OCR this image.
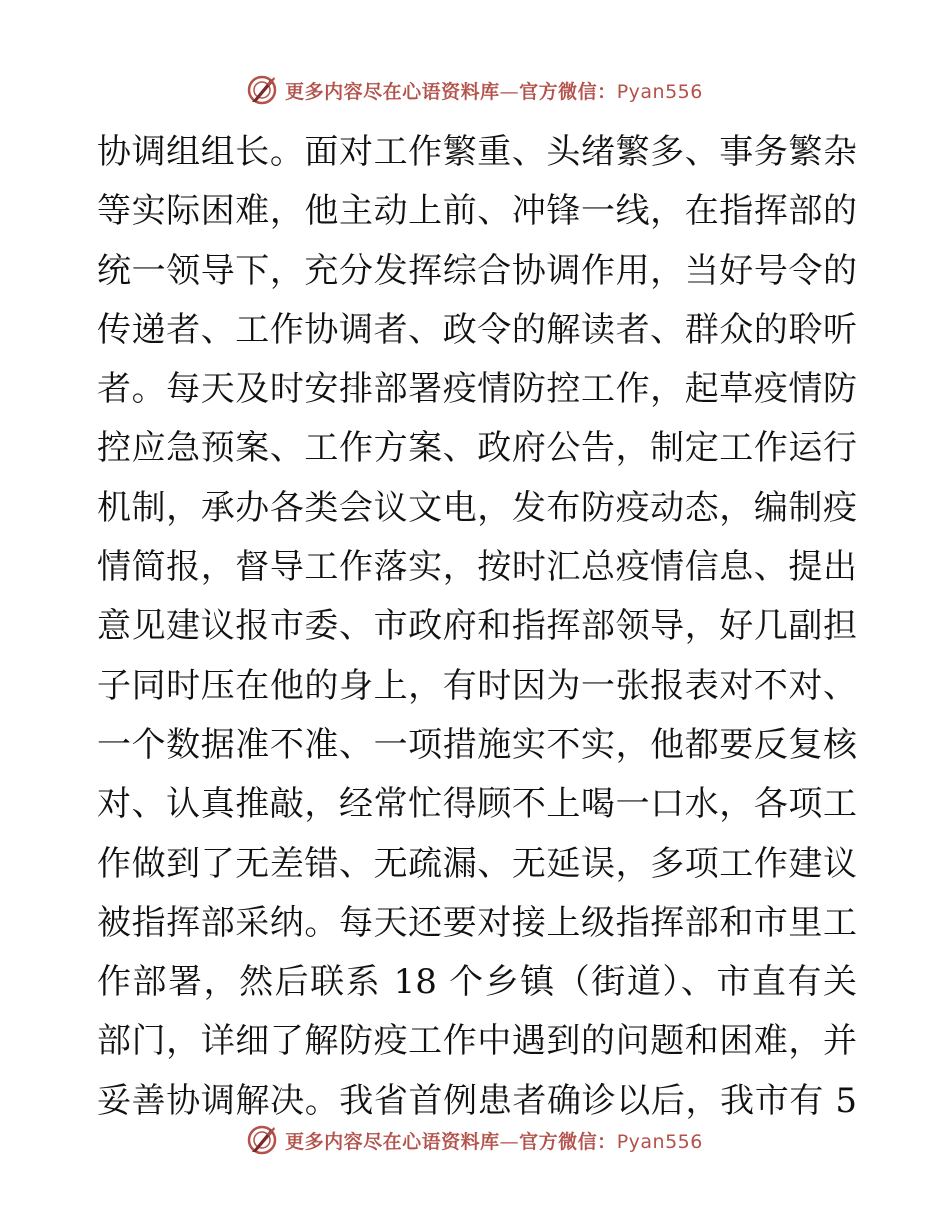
更多内容尽在心语资料库—官方微信：Pyan556
协调组组长。面对工作繁重、头绪繁多、事务繁杂
等实际困难，他主动上前、冲锋一线，在指挥部的
统一领导下，充分发挥综合协调作用，当好号令的
传递者、工作协调者、政令的解读者、群众的聆听
者。每天及时安排部署疫情防控工作，起草疫情防
控应急预案、工作方案、政府公告，制定工作运行
机制，承办各类会议文电，发布防疫动态，编制疫
情简报，督导工作落实，按时汇总疫情信息、提出
意见建议报市委、市政府和指挥部领导，好几副担
子同时压在他的身上，有时因为一张报表对不对、
一个数据准不准、一项措施实不实，他都要反复核
对、认真推敲，经常忙得顾不上喝一口水，各项工
作做到了无差错、无疏漏、无延误，多项工作建议
被指挥部采纳。每天还要对接上级指挥部和市里工
作部署，然后联系 18 个乡镇（街道）、市直有关
部门，详细了解防疫工作中遇到的问题和困难，并
妥善协调解决。我省首例患者确诊以后，我市有 5
更多内容尽在心语资料库—官方微信：Pyan556
